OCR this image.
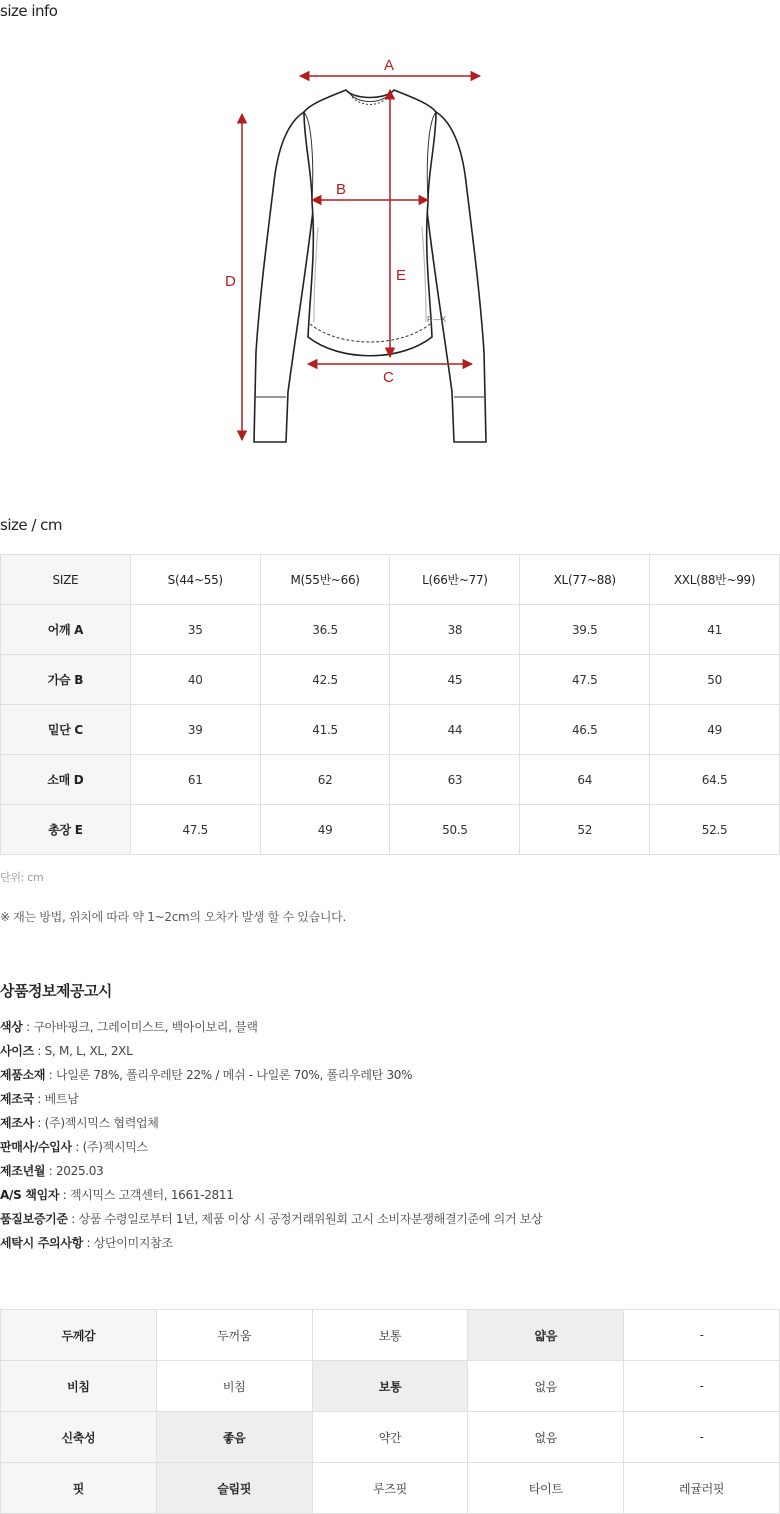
size info
R—X
A
B
C
D	E
size / cm
SIZE	S(44~55)	M(55반~66)	L(66반~77)	XL(77~88)	XXL(88반~99)
어깨 A	35	36.5	38	39.5	41
가슴 B	40	42.5	45	47.5	50
밑단 C	39	41.5	44	46.5	49
소매 D	61	62	63	64	64.5
총장 E	47.5	49	50.5	52	52.5
단위: cm
※ 재는 방법, 위치에 따라 약 1~2cm의 오차가 발생 할 수 있습니다.
상품정보제공고시
색상 : 구아바핑크, 그레이미스트, 백아이보리, 블랙
사이즈 : S, M, L, XL, 2XL
제품소재 : 나일론 78%, 폴리우레탄 22% / 메쉬 - 나일론 70%, 폴리우레탄 30%
제조국 : 베트남
제조사 : (주)젝시믹스 협력업체
판매사/수입사 : (주)젝시믹스
제조년월 : 2025.03
A/S 책임자 : 젝시믹스 고객센터, 1661-2811
품질보증기준 : 상품 수령일로부터 1년, 제품 이상 시 공정거래위원회 고시 소비자분쟁해결기준에 의거 보상
세탁시 주의사항 : 상단이미지참조
두께감	두꺼움	보통	얇음	-
비침	비침	보통	없음	-
신축성	좋음	약간	없음	-
핏	슬림핏	루즈핏	타이트	레귤러핏
